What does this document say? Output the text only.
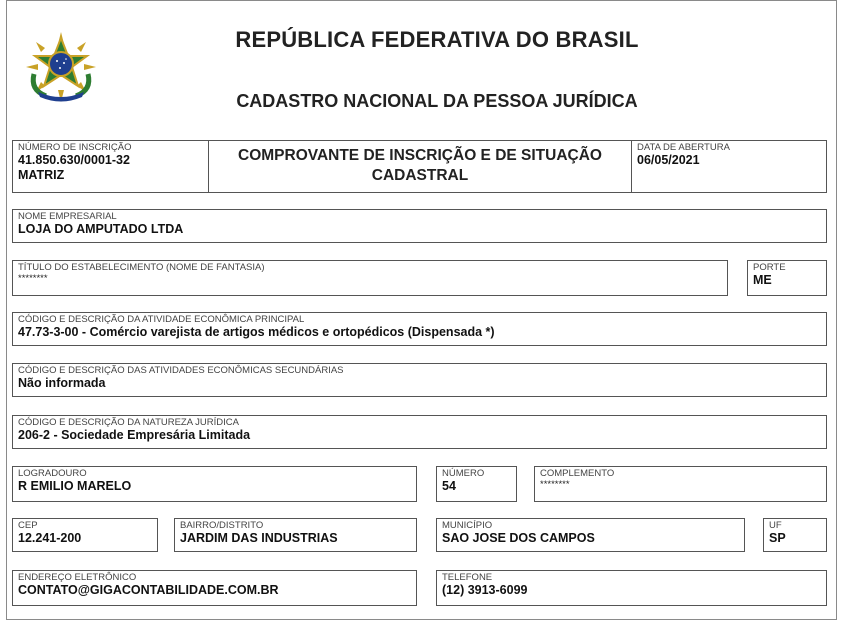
REPÚBLICA FEDERATIVA DO BRASIL
CADASTRO NACIONAL DA PESSOA JURÍDICA
NÚMERO DE INSCRIÇÃO
41.850.630/0001-32
MATRIZ
COMPROVANTE DE INSCRIÇÃO E DE SITUAÇÃO
CADASTRAL
DATA DE ABERTURA
06/05/2021
NOME EMPRESARIAL
LOJA DO AMPUTADO LTDA
TÍTULO DO ESTABELECIMENTO (NOME DE FANTASIA)
********
PORTE
ME
CÓDIGO E DESCRIÇÃO DA ATIVIDADE ECONÔMICA PRINCIPAL
47.73-3-00 - Comércio varejista de artigos médicos e ortopédicos (Dispensada *)
CÓDIGO E DESCRIÇÃO DAS ATIVIDADES ECONÔMICAS SECUNDÁRIAS
Não informada
CÓDIGO E DESCRIÇÃO DA NATUREZA JURÍDICA
206-2 - Sociedade Empresária Limitada
LOGRADOURO
R EMILIO MARELO
NÚMERO
54
COMPLEMENTO
********
CEP
12.241-200
BAIRRO/DISTRITO
JARDIM DAS INDUSTRIAS
MUNICÍPIO
SAO JOSE DOS CAMPOS
UF
SP
ENDEREÇO ELETRÔNICO
CONTATO@GIGACONTABILIDADE.COM.BR
TELEFONE
(12) 3913-6099
